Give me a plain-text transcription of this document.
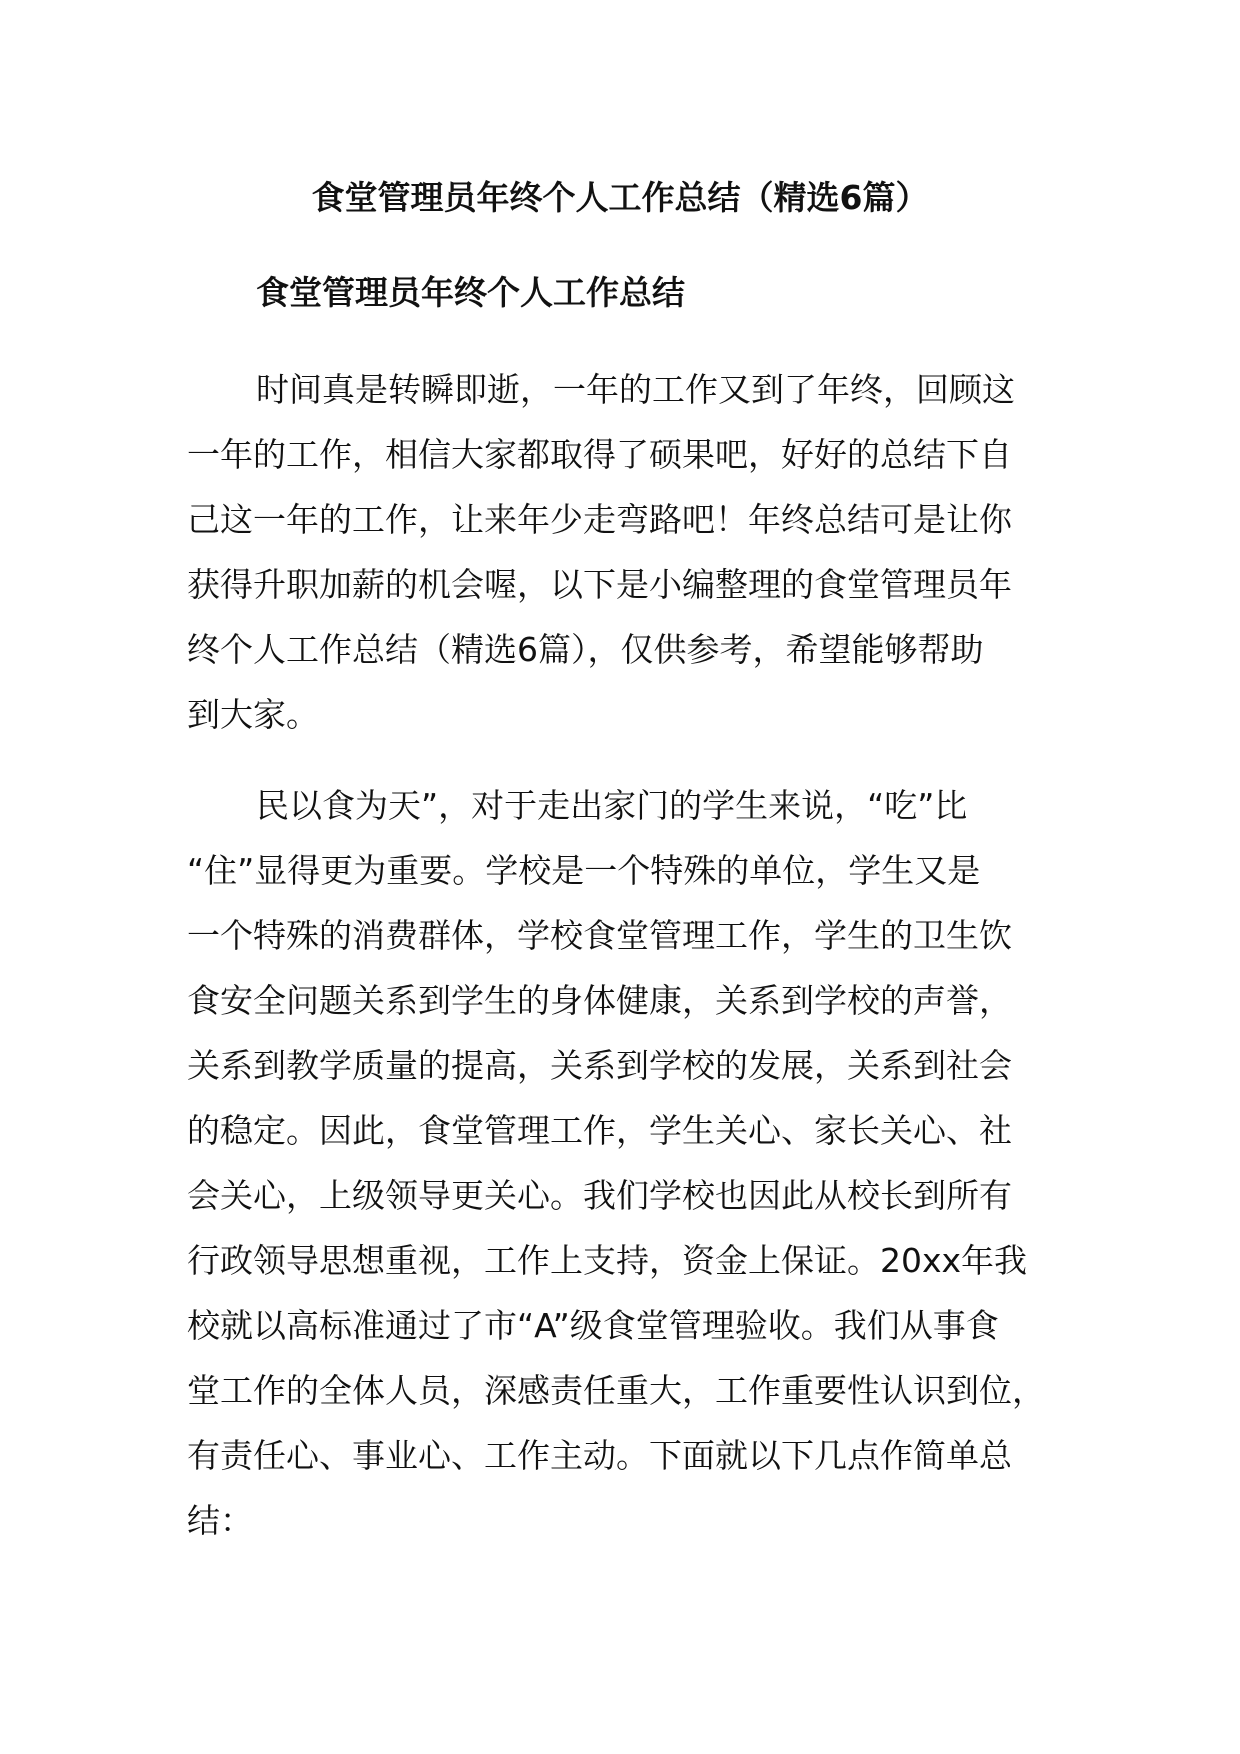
食堂管理员年终个人工作总结（精选6篇）
食堂管理员年终个人工作总结
时间真是转瞬即逝，一年的工作又到了年终，回顾这
一年的工作，相信大家都取得了硕果吧，好好的总结下自
己这一年的工作，让来年少走弯路吧！年终总结可是让你
获得升职加薪的机会喔，以下是小编整理的食堂管理员年
终个人工作总结（精选6篇），仅供参考，希望能够帮助
到大家。
民以食为天”，对于走出家门的学生来说，“吃”比
“住”显得更为重要。学校是一个特殊的单位，学生又是
一个特殊的消费群体，学校食堂管理工作，学生的卫生饮
食安全问题关系到学生的身体健康，关系到学校的声誉，
关系到教学质量的提高，关系到学校的发展，关系到社会
的稳定。因此，食堂管理工作，学生关心、家长关心、社
会关心，上级领导更关心。我们学校也因此从校长到所有
行政领导思想重视，工作上支持，资金上保证。20xx年我
校就以高标准通过了市“A”级食堂管理验收。我们从事食
堂工作的全体人员，深感责任重大，工作重要性认识到位，
有责任心、事业心、工作主动。下面就以下几点作简单总
结：
